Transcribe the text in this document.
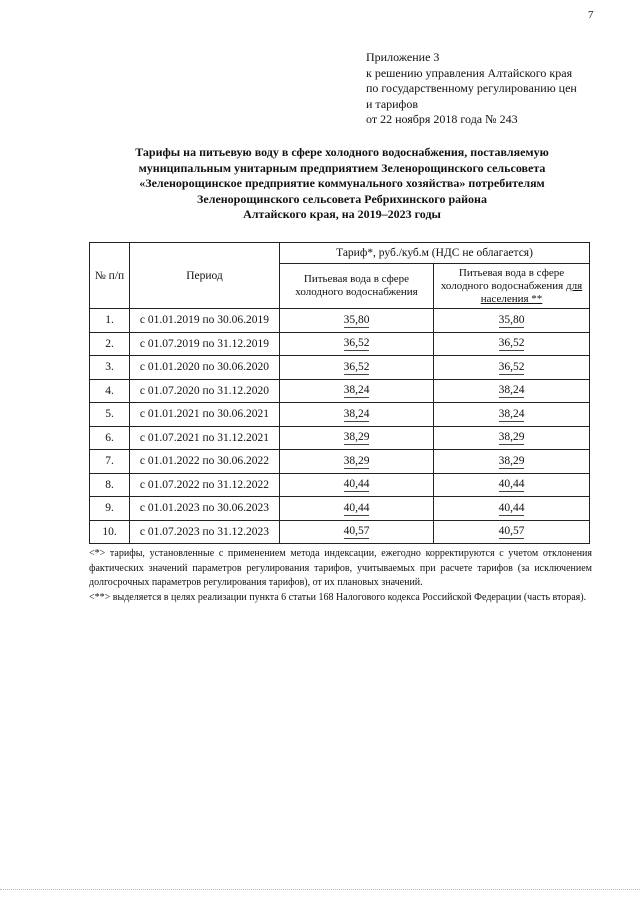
7
Приложение 3
к решению управления Алтайского края
по государственному регулированию цен
и тарифов
от 22 ноября 2018 года № 243
Тарифы на питьевую воду в сфере холодного водоснабжения, поставляемую
муниципальным унитарным предприятием Зеленорощинского сельсовета
«Зеленорощинское предприятие коммунального хозяйства» потребителям
Зеленорощинского сельсовета Ребрихинского района
Алтайского края, на 2019–2023 годы
№ п/п	Период	Тариф*, руб./куб.м (НДС не облагается)	
		Питьевая вода в сфере холодного водоснабжения	Питьевая вода в сфере холодного водоснабжения для населения **
1.	с 01.01.2019 по 30.06.2019	35,80	35,80
2.	с 01.07.2019 по 31.12.2019	36,52	36,52
3.	с 01.01.2020 по 30.06.2020	36,52	36,52
4.	с 01.07.2020 по 31.12.2020	38,24	38,24
5.	с 01.01.2021 по 30.06.2021	38,24	38,24
6.	с 01.07.2021 по 31.12.2021	38,29	38,29
7.	с 01.01.2022 по 30.06.2022	38,29	38,29
8.	с 01.07.2022 по 31.12.2022	40,44	40,44
9.	с 01.01.2023 по 30.06.2023	40,44	40,44
10.	с 01.07.2023 по 31.12.2023	40,57	40,57
<*> тарифы, установленные с применением метода индексации, ежегодно корректируются с учетом отклонения фактических значений параметров регулирования тарифов, учитываемых при расчете тарифов (за исключением долгосрочных параметров регулирования тарифов), от их плановых значений.
<**> выделяется в целях реализации пункта 6 статьи 168 Налогового кодекса Российской Федерации (часть вторая).
